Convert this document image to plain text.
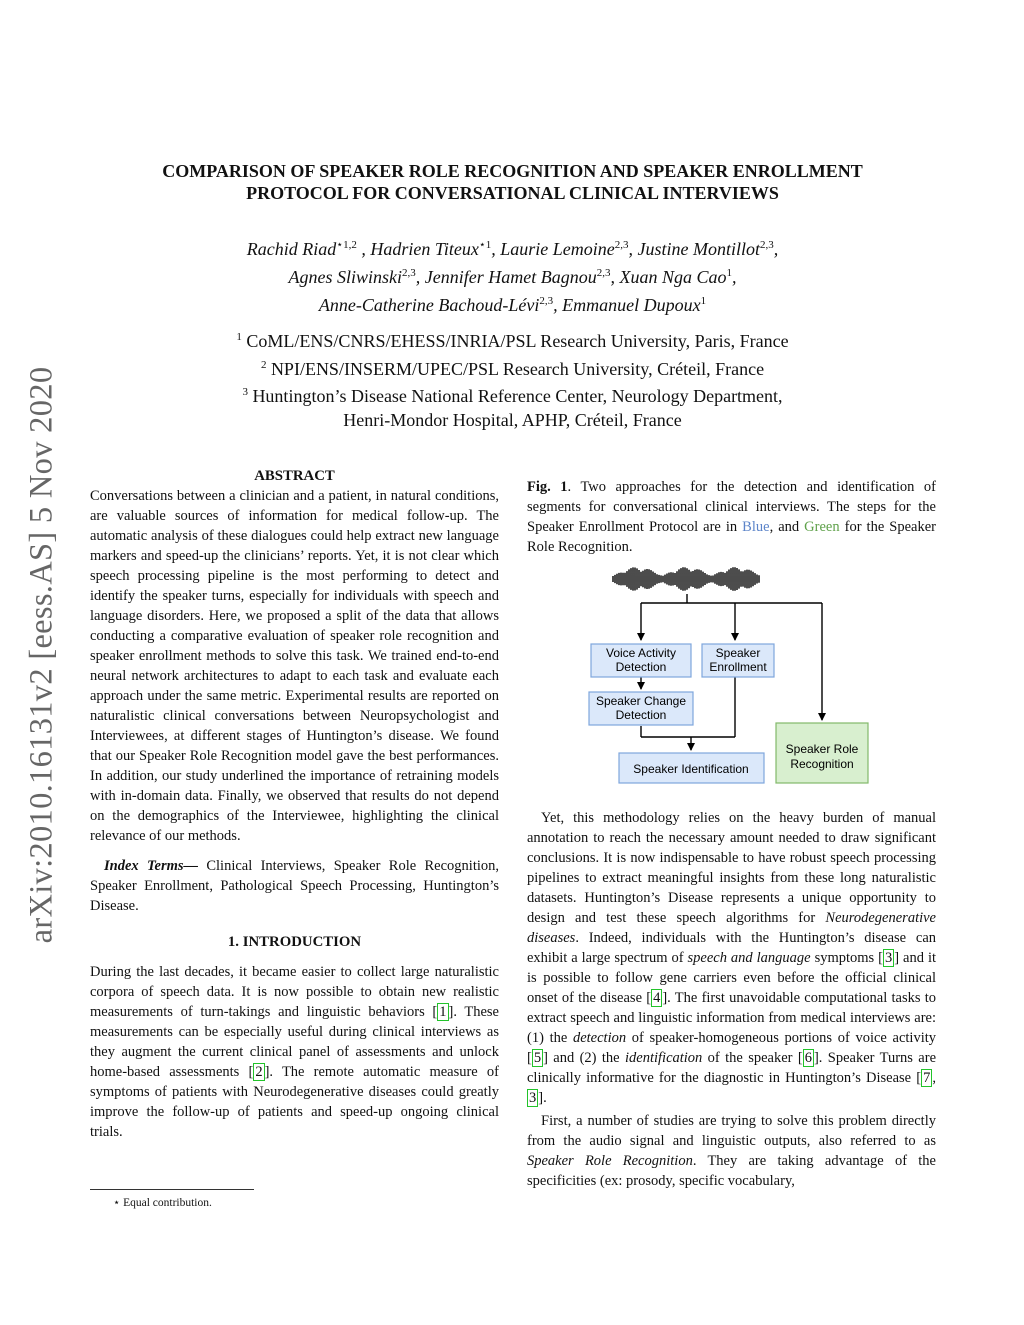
arXiv:2010.16131v2 [eess.AS] 5 Nov 2020
COMPARISON OF SPEAKER ROLE RECOGNITION AND SPEAKER ENROLLMENT
PROTOCOL FOR CONVERSATIONAL CLINICAL INTERVIEWS
Rachid Riad$^{⋆1,2}$ , Hadrien Titeux$^{⋆1}$, Laurie Lemoine$^{2,3}$, Justine Montillot$^{2,3}$,
Agnes Sliwinski$^{2,3}$, Jennifer Hamet Bagnou$^{2,3}$, Xuan Nga Cao$^1$,
Anne-Catherine Bachoud-Lévi$^{2,3}$, Emmanuel Dupoux$^1$
$^1$ CoML/ENS/CNRS/EHESS/INRIA/PSL Research University, Paris, France
$^2$ NPI/ENS/INSERM/UPEC/PSL Research University, Créteil, France
$^3$ Huntington’s Disease National Reference Center, Neurology Department,
Henri-Mondor Hospital, APHP, Créteil, France
ABSTRACT

Conversations between a clinician and a patient, in natural conditions, are valuable sources of information for medical follow-up. The automatic analysis of these dialogues could help extract new language markers and speed-up the clinicians’ reports. Yet, it is not clear which speech processing pipeline is the most performing to detect and identify the speaker turns, especially for individuals with speech and language disorders. Here, we proposed a split of the data that allows conducting a comparative evaluation of speaker role recognition and speaker enrollment methods to solve this task. We trained end-to-end neural network architectures to adapt to each task and evaluate each approach under the same metric. Experimental results are reported on naturalistic clinical conversations between Neuropsychologist and Interviewees, at different stages of Huntington’s disease. We found that our Speaker Role Recognition model gave the best performances. In addition, our study underlined the importance of retraining models with in-domain data. Finally, we observed that results do not depend on the demographics of the Interviewee, highlighting the clinical relevance of our methods.

Index Terms— Clinical Interviews, Speaker Role Recognition, Speaker Enrollment, Pathological Speech Processing, Huntington’s Disease.

1. INTRODUCTION

During the last decades, it became easier to collect large naturalistic corpora of speech data. It is now possible to obtain new realistic measurements of turn-takings and linguistic behaviors [ 1 ]. These measurements can be especially useful during clinical interviews as they augment the current clinical panel of assessments and unlock home-based assessments [ 2 ]. The remote automatic measure of symptoms of patients with Neurodegenerative diseases could greatly improve the follow-up of patients and speed-up ongoing clinical trials.

⋆ Equal contribution.

Fig. 1. Two approaches for the detection and identification of segments for conversational clinical interviews. The steps for the Speaker Enrollment Protocol are in Blue, and Green for the Speaker Role Recognition.

Voice Activity
Detection
Speaker
Enrollment
Speaker Change
Detection
Speaker Identification
Speaker Role
Recognition

Yet, this methodology relies on the heavy burden of manual annotation to reach the necessary amount needed to draw significant conclusions. It is now indispensable to have robust speech processing pipelines to extract meaningful insights from these long naturalistic datasets. Huntington’s Disease represents a unique opportunity to design and test these speech algorithms for Neurodegenerative diseases. Indeed, individuals with the Huntington’s disease can exhibit a large spectrum of speech and language symptoms [ 3 ] and it is possible to follow gene carriers even before the official clinical onset of the disease [ 4 ]. The first unavoidable computational tasks to extract speech and linguistic information from medical interviews are: (1) the detection of speaker-homogeneous portions of voice activity [ 5 ] and (2) the identification of the speaker [ 6 ]. Speaker Turns are clinically informative for the diagnostic in Huntington’s Disease [ 7 , 3 ].

First, a number of studies are trying to solve this problem directly from the audio signal and linguistic outputs, also referred to as Speaker Role Recognition. They are taking advantage of the specificities (ex: prosody, specific vocabulary,
